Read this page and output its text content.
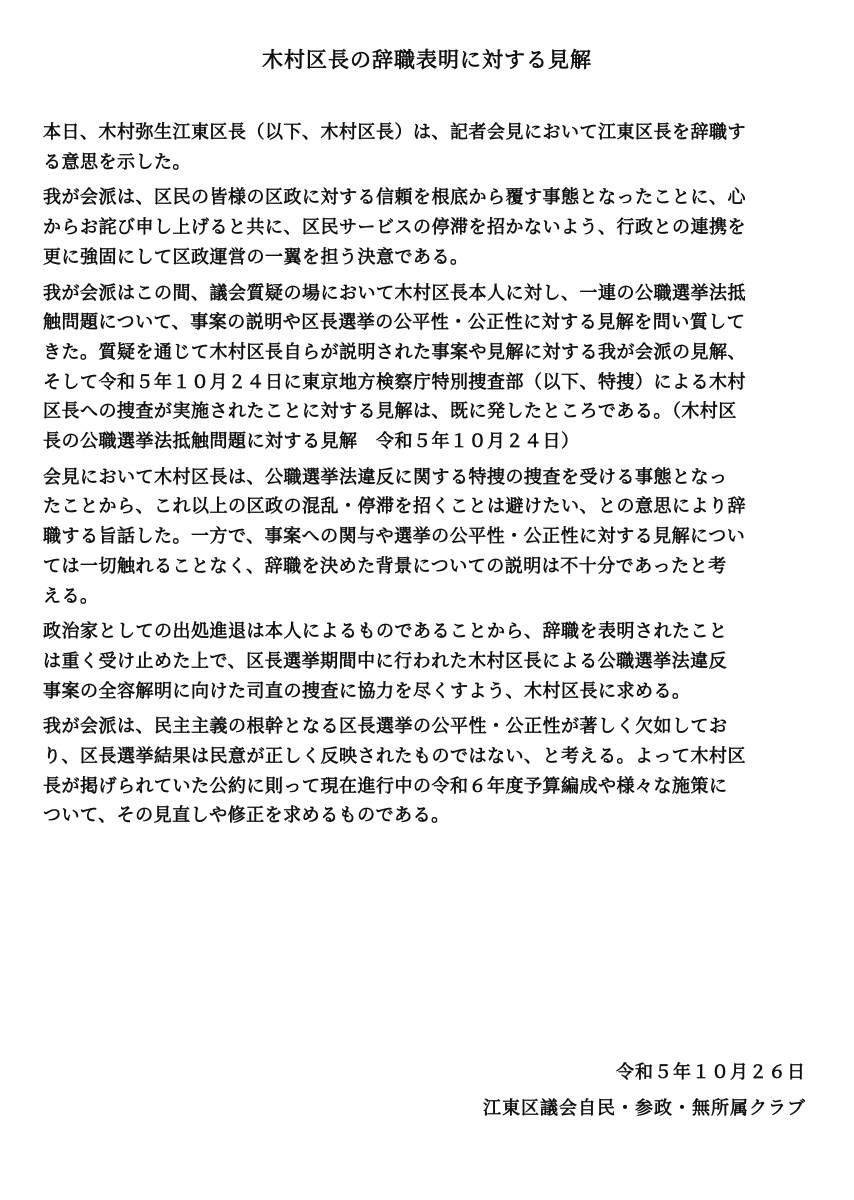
木村区長の辞職表明に対する見解

本日、木村弥生江東区長（以下、木村区長）は、記者会見において江東区長を辞職す
る意思を示した。

我が会派は、区民の皆様の区政に対する信頼を根底から覆す事態となったことに、心
からお詫び申し上げると共に、区民サービスの停滞を招かないよう、行政との連携を
更に強固にして区政運営の一翼を担う決意である。

我が会派はこの間、議会質疑の場において木村区長本人に対し、一連の公職選挙法抵
触問題について、事案の説明や区長選挙の公平性・公正性に対する見解を問い質して
きた。質疑を通じて木村区長自らが説明された事案や見解に対する我が会派の見解、
そして令和５年１０月２４日に東京地方検察庁特別捜査部（以下、特捜）による木村
区長への捜査が実施されたことに対する見解は、既に発したところである。（木村区
長の公職選挙法抵触問題に対する見解　令和５年１０月２４日）

会見において木村区長は、公職選挙法違反に関する特捜の捜査を受ける事態となっ
たことから、これ以上の区政の混乱・停滞を招くことは避けたい、との意思により辞
職する旨話した。一方で、事案への関与や選挙の公平性・公正性に対する見解につい
ては一切触れることなく、辞職を決めた背景についての説明は不十分であったと考
える。

政治家としての出処進退は本人によるものであることから、辞職を表明されたこと
は重く受け止めた上で、区長選挙期間中に行われた木村区長による公職選挙法違反
事案の全容解明に向けた司直の捜査に協力を尽くすよう、木村区長に求める。

我が会派は、民主主義の根幹となる区長選挙の公平性・公正性が著しく欠如してお
り、区長選挙結果は民意が正しく反映されたものではない、と考える。よって木村区
長が掲げられていた公約に則って現在進行中の令和６年度予算編成や様々な施策に
ついて、その見直しや修正を求めるものである。

令和５年１０月２６日
江東区議会自民・参政・無所属クラブ
